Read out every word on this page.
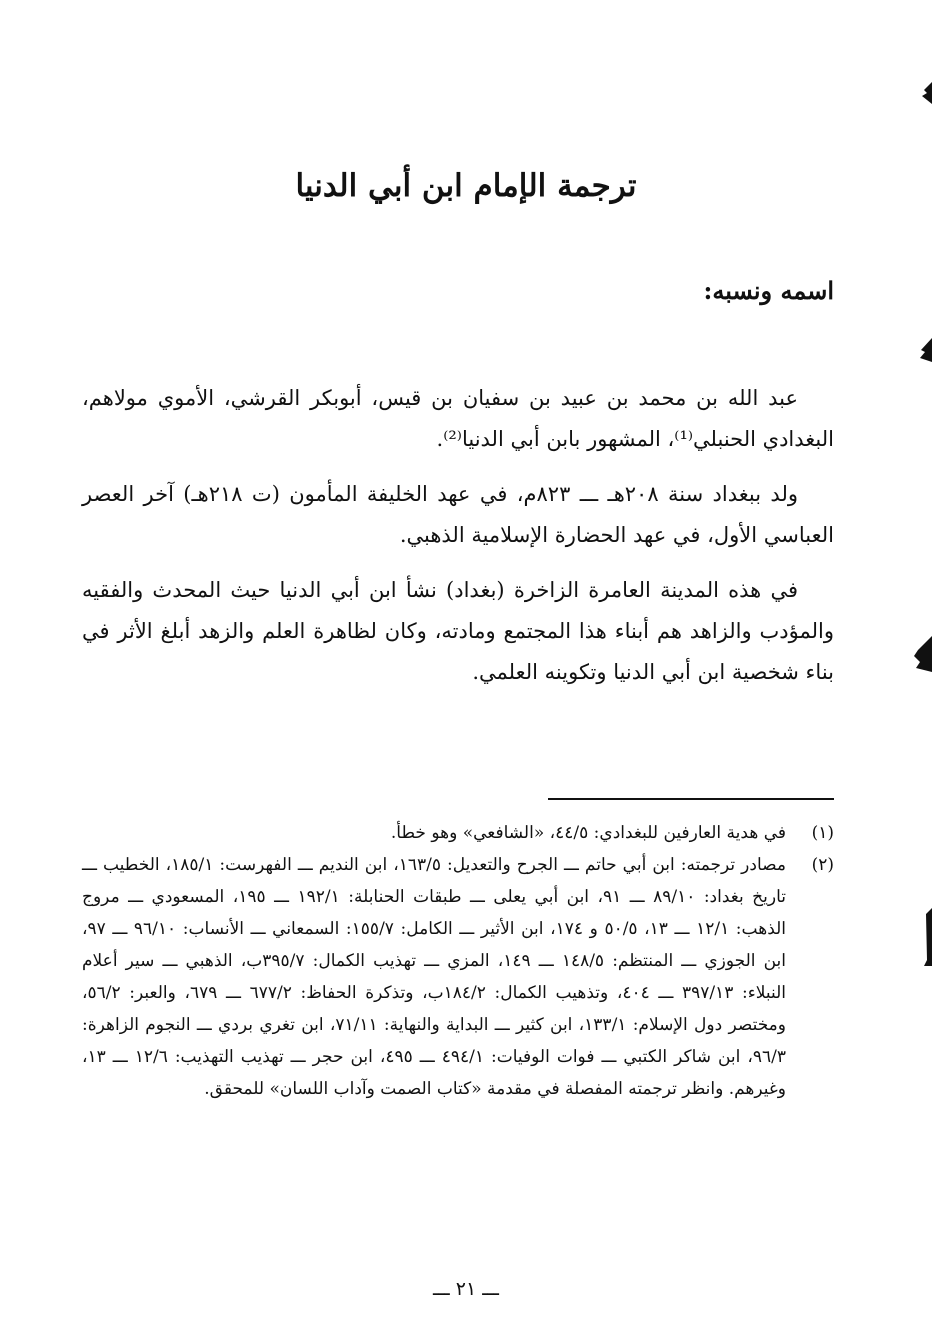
ترجمة الإمام ابن أبي الدنيا
اسمه ونسبه:

عبد الله بن محمد بن عبيد بن سفيان بن قيس، أبوبكر القرشي، الأموي مولاهم، البغدادي الحنبلي⁽¹⁾، المشهور بابن أبي الدنيا⁽²⁾.

ولد ببغداد سنة ٢٠٨هـ ـــ ٨٢٣م، في عهد الخليفة المأمون (ت ٢١٨هـ) آخر العصر العباسي الأول، في عهد الحضارة الإسلامية الذهبي.

في هذه المدينة العامرة الزاخرة (بغداد) نشأ ابن أبي الدنيا حيث المحدث والفقيه والمؤدب والزاهد هم أبناء هذا المجتمع ومادته، وكان لظاهرة العلم والزهد أبلغ الأثر في بناء شخصية ابن أبي الدنيا وتكوينه العلمي.

(١)
في هدية العارفين للبغدادي: ٤٤/٥، «الشافعي» وهو خطأ.
(٢)
مصادر ترجمته: ابن أبي حاتم ـــ الجرح والتعديل: ١٦٣/٥، ابن النديم ـــ الفهرست: ١٨٥/١، الخطيب ـــ تاريخ بغداد: ٨٩/١٠ ـــ ٩١، ابن أبي يعلى ـــ طبقات الحنابلة: ١٩٢/١ ـــ ١٩٥، المسعودي ـــ مروج الذهب: ١٢/١ ـــ ١٣، ٥٠/٥ و ١٧٤، ابن الأثير ـــ الكامل: ١٥٥/٧: السمعاني ـــ الأنساب: ٩٦/١٠ ـــ ٩٧، ابن الجوزي ـــ المنتظم: ١٤٨/٥ ـــ ١٤٩، المزي ـــ تهذيب الكمال: ٣٩٥/٧ب، الذهبي ـــ سير أعلام النبلاء: ٣٩٧/١٣ ـــ ٤٠٤، وتذهيب الكمال: ١٨٤/٢ب، وتذكرة الحفاظ: ٦٧٧/٢ ـــ ٦٧٩، والعبر: ٥٦/٢، ومختصر دول الإسلام: ١٣٣/١، ابن كثير ـــ البداية والنهاية: ٧١/١١، ابن تغري بردي ـــ النجوم الزاهرة: ٩٦/٣، ابن شاكر الكتبي ـــ فوات الوفيات: ٤٩٤/١ ـــ ٤٩٥، ابن حجر ـــ تهذيب التهذيب: ١٢/٦ ـــ ١٣، وغيرهم. وانظر ترجمته المفصلة في مقدمة «كتاب الصمت وآداب اللسان» للمحقق.
ـــ ٢١ ـــ
